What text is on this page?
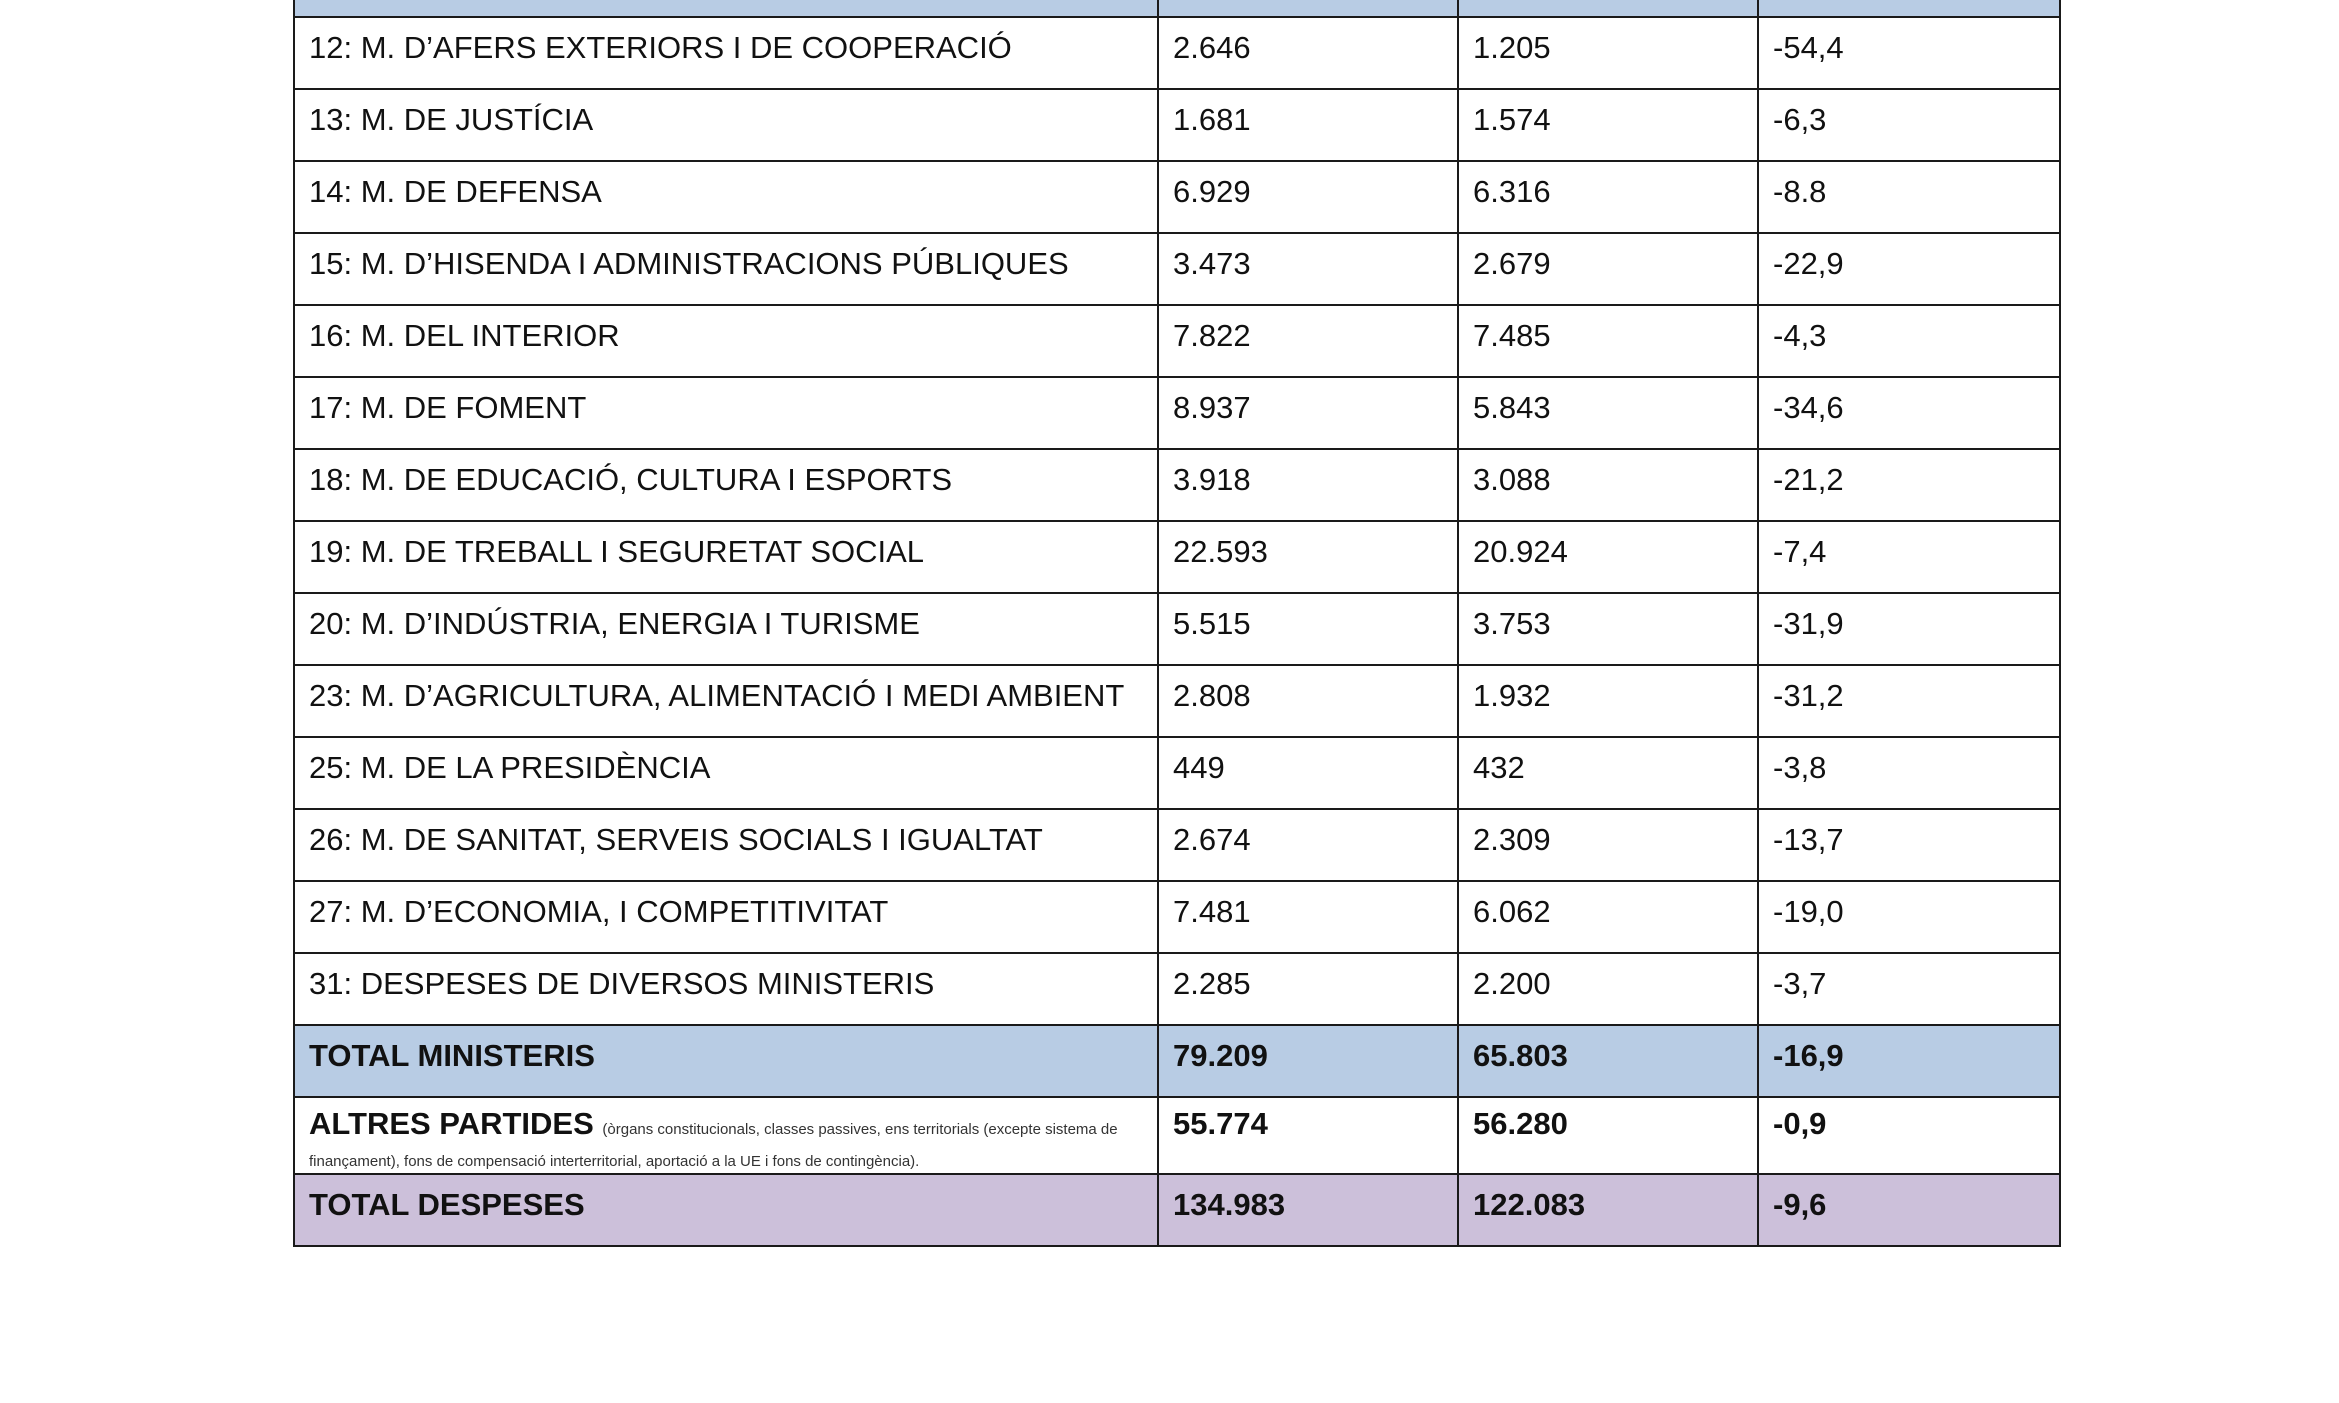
12: M. D’AFERS EXTERIORS I DE COOPERACIÓ	2.646	1.205	-54,4
13: M. DE JUSTÍCIA	1.681	1.574	-6,3
14: M. DE DEFENSA	6.929	6.316	-8.8
15: M. D’HISENDA I ADMINISTRACIONS PÚBLIQUES	3.473	2.679	-22,9
16: M. DEL INTERIOR	7.822	7.485	-4,3
17: M. DE FOMENT	8.937	5.843	-34,6
18: M. DE EDUCACIÓ, CULTURA I ESPORTS	3.918	3.088	-21,2
19: M. DE TREBALL I SEGURETAT SOCIAL	22.593	20.924	-7,4
20: M. D’INDÚSTRIA, ENERGIA I TURISME	5.515	3.753	-31,9
23: M. D’AGRICULTURA, ALIMENTACIÓ I MEDI AMBIENT	2.808	1.932	-31,2
25: M. DE LA PRESIDÈNCIA	449	432	-3,8
26: M. DE SANITAT, SERVEIS SOCIALS I IGUALTAT	2.674	2.309	-13,7
27: M. D’ECONOMIA, I COMPETITIVITAT	7.481	6.062	-19,0
31: DESPESES DE DIVERSOS MINISTERIS	2.285	2.200	-3,7
TOTAL MINISTERIS	79.209	65.803	-16,9
ALTRES PARTIDES (òrgans constitucionals, classes passives, ens territorials (excepte sistema de finançament), fons de compensació interterritorial, aportació a la UE i fons de contingència).	55.774	56.280	-0,9
TOTAL DESPESES	134.983	122.083	-9,6
